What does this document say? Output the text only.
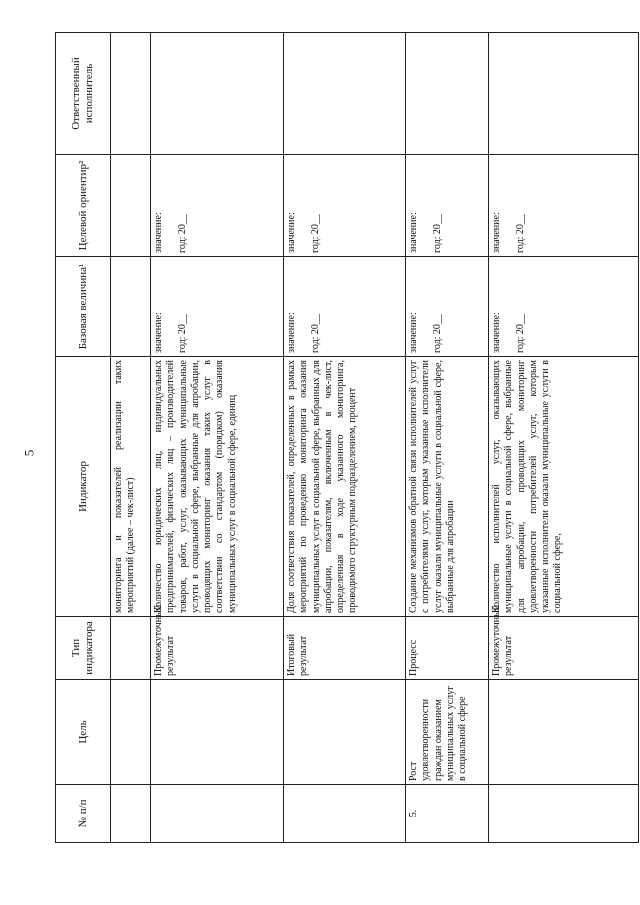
5
№ п/п	Цель	Тип индикатора	Индикатор	Базовая величина¹	Целевой ориентир²	Ответственный исполнитель
			мониторинга и показателей реализации таких мероприятий (далее – чек-лист)			
		Промежуточный результат	Количество юридических лиц, индивидуальных предпринимателей, физических лиц – производителей товаров, работ, услуг, оказывающих муниципальные услуги в социальной сфере, выбранные для апробации, проводящих мониторинг оказания таких услуг в соответствии со стандартом (порядком) оказания муниципальных услуг в социальной сфере, единиц	значение: год: 20__	значение: год: 20__	

		Итоговый результат	Доля соответствия показателей, определенных в рамках мероприятий по проведению мониторинга оказания муниципальных услуг в социальной сфере, выбранных для апробации, показателям, включенным в чек-лист, определенная в ходе указанного мониторинга, проводимого структурным подразделением, процент	значение: год: 20__	значение: год: 20__	

5.	Рост удовлетворенности граждан оказанием муниципальных услуг в социальной сфере	Процесс	Создание механизмов обратной связи исполнителей услуг с потребителями услуг, которым указанные исполнители услуг оказали муниципальные услуги в социальной сфере, выбранные для апробации	значение: год: 20__	значение: год: 20__	

		Промежуточный результат	Количество исполнителей услуг, оказывающих муниципальные услуги в социальной сфере, выбранные для апробации, проводящих мониторинг удовлетворенности потребителей услуг, которым указанные исполнители оказали муниципальные услуги в социальной сфере,	значение: год: 20__	значение: год: 20__	
